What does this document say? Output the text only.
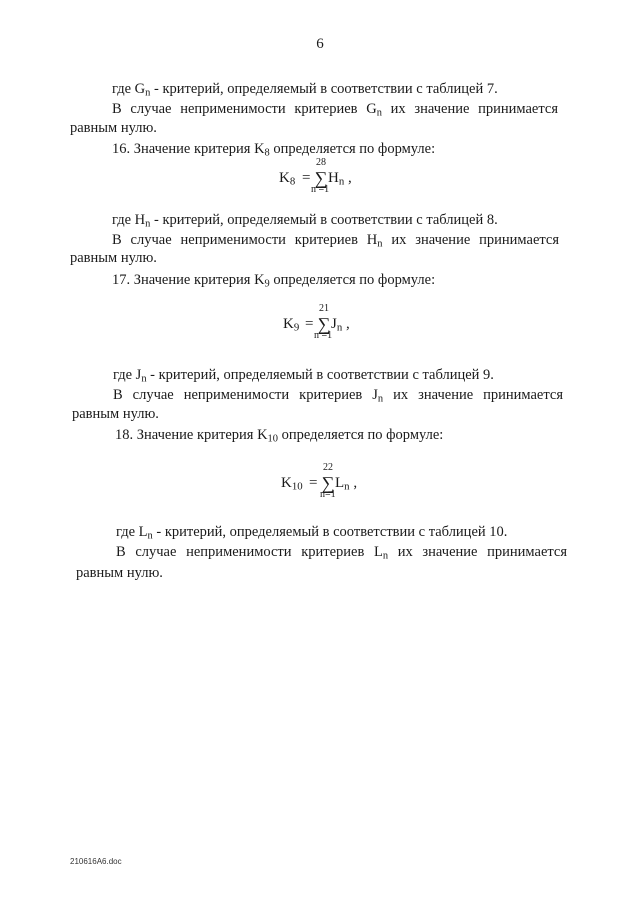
6
где $G_n$ - критерий, определяемый в соответствии с таблицей 7.
В случае неприменимости критериев $G_n$ их значение принимается
равным нулю.
16. Значение критерия $K_8$ определяется по формуле:
$K_8$ =
28
∑
n =1
$H_n$ ,
где $H_n$ - критерий, определяемый в соответствии с таблицей 8.
В случае неприменимости критериев $H_n$ их значение принимается
равным нулю.
17. Значение критерия $K_9$ определяется по формуле:
$K_9$ =
21
∑
n =1
$J_n$ ,
где $J_n$ - критерий, определяемый в соответствии с таблицей 9.
В случае неприменимости критериев $J_n$ их значение принимается
равным нулю.
18. Значение критерия $K_{10}$ определяется по формуле:
$K_{10}$ =
22
∑
n=1
$L_n$ ,
где $L_n$ - критерий, определяемый в соответствии с таблицей 10.
В случае неприменимости критериев $L_n$ их значение принимается
равным нулю.
210616A6.doc
